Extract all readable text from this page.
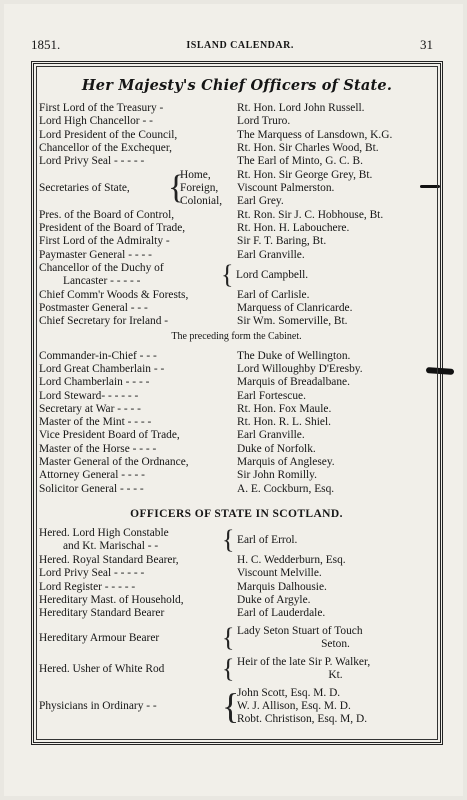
1851.	ISLAND CALENDAR.	31
Her Majesty's Chief Officers of State.
First Lord of the Treasury -	Rt. Hon. Lord John Russell.
Lord High Chancellor - -	Lord Truro.
Lord President of the Council,	The Marquess of Lansdown, K.G.
Chancellor of the Exchequer,	Rt. Hon. Sir Charles Wood, Bt.
Lord Privy Seal - - - - -	The Earl of Minto, G. C. B.
Secretaries of State,	{
Home,	Rt. Hon. Sir George Grey, Bt.
Foreign,	Viscount Palmerston.
Colonial,	Earl Grey.
Pres. of the Board of Control,	Rt. Ron. Sir J. C. Hobhouse, Bt.
President of the Board of Trade,	Rt. Hon. H. Labouchere.
First Lord of the Admiralty -	Sir F. T. Baring, Bt.
Paymaster General - - - -	Earl Granville.
Chancellor of the Duchy of
Lancaster - - - - -	{ Lord Campbell.
Chief Comm'r Woods & Forests,	Earl of Carlisle.
Postmaster General - - -	Marquess of Clanricarde.
Chief Secretary for Ireland -	Sir Wm. Somerville, Bt.
The preceding form the Cabinet.
Commander-in-Chief - - -	The Duke of Wellington.
Lord Great Chamberlain - -	Lord Willoughby D'Eresby.
Lord Chamberlain - - - -	Marquis of Breadalbane.
Lord Steward- - - - - -	Earl Fortescue.
Secretary at War - - - -	Rt. Hon. Fox Maule.
Master of the Mint - - - -	Rt. Hon. R. L. Shiel.
Vice President Board of Trade,	Earl Granville.
Master of the Horse - - - -	Duke of Norfolk.
Master General of the Ordnance,	Marquis of Anglesey.
Attorney General - - - -	Sir John Romilly.
Solicitor General - - - -	A. E. Cockburn, Esq.
OFFICERS OF STATE IN SCOTLAND.
Hered. Lord High Constable
and Kt. Marischal - -	{ Earl of Errol.
Hered. Royal Standard Bearer,	H. C. Wedderburn, Esq.
Lord Privy Seal - - - - -	Viscount Melville.
Lord Register - - - - -	Marquis Dalhousie.
Hereditary Mast. of Household,	Duke of Argyle.
Hereditary Standard Bearer	Earl of Lauderdale.
Hereditary Armour Bearer	{ Lady Seton Stuart of Touch
Seton.
Hered. Usher of White Rod	{ Heir of the late Sir P. Walker,
Kt.
Physicians in Ordinary - -	{
John Scott, Esq. M. D.
W. J. Allison, Esq. M. D.
Robt. Christison, Esq. M, D.
